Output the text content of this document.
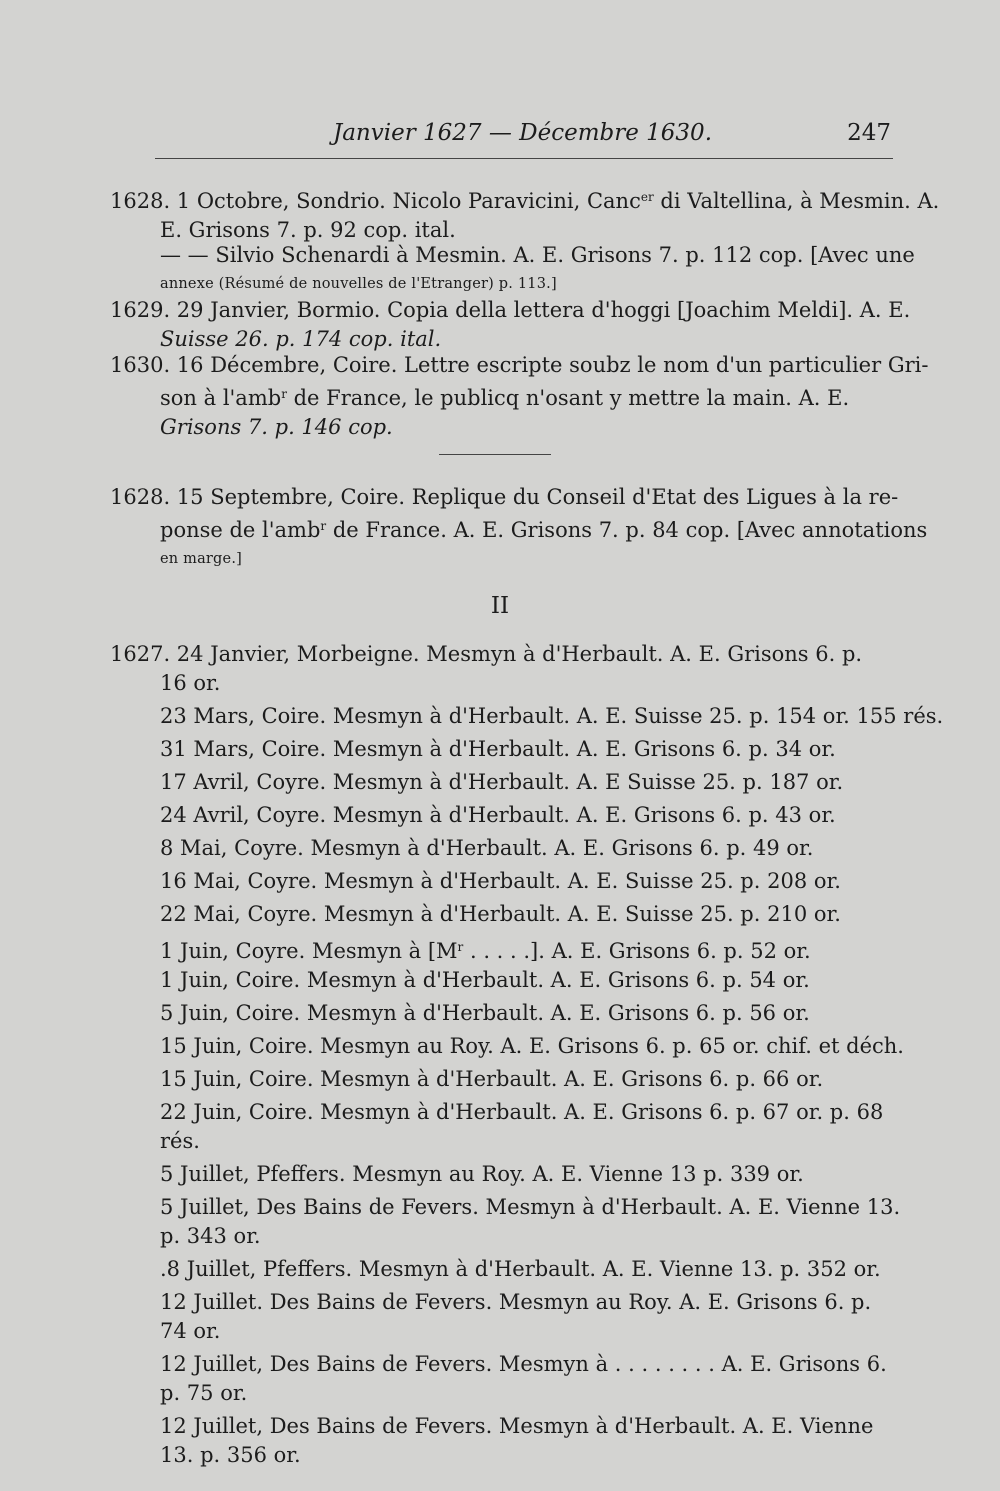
Janvier 1627 — Décembre 1630.	247
1628. 1 Octobre, Sondrio. Nicolo Paravicini, Canc$^{er}$ di Valtellina, à Mesmin. A.
E. Grisons 7. p. 92 cop. ital.
— — Silvio Schenardi à Mesmin. A. E. Grisons 7. p. 112 cop. [Avec une
annexe (Résumé de nouvelles de l'Etranger) p. 113.]
1629. 29 Janvier, Bormio. Copia della lettera d'hoggi [Joachim Meldi]. A. E.
Suisse 26. p. 174 cop. ital.
1630. 16 Décembre, Coire. Lettre escripte soubz le nom d'un particulier Gri-
son à l'amb$^r$ de France, le publicq n'osant y mettre la main. A. E.
Grisons 7. p. 146 cop.
1628. 15 Septembre, Coire. Replique du Conseil d'Etat des Ligues à la re-
ponse de l'amb$^r$ de France. A. E. Grisons 7. p. 84 cop. [Avec annotations
en marge.]
II
1627. 24 Janvier, Morbeigne. Mesmyn à d'Herbault. A. E. Grisons 6. p.
16 or.
23 Mars, Coire. Mesmyn à d'Herbault. A. E. Suisse 25. p. 154 or. 155 rés.
31 Mars, Coire. Mesmyn à d'Herbault. A. E. Grisons 6. p. 34 or.
17 Avril, Coyre. Mesmyn à d'Herbault. A. E Suisse 25. p. 187 or.
24 Avril, Coyre. Mesmyn à d'Herbault. A. E. Grisons 6. p. 43 or.
8 Mai, Coyre. Mesmyn à d'Herbault. A. E. Grisons 6. p. 49 or.
16 Mai, Coyre. Mesmyn à d'Herbault. A. E. Suisse 25. p. 208 or.
22 Mai, Coyre. Mesmyn à d'Herbault. A. E. Suisse 25. p. 210 or.
1 Juin, Coyre. Mesmyn à [$M^r$ . . . . .]. A. E. Grisons 6. p. 52 or.
1 Juin, Coire. Mesmyn à d'Herbault. A. E. Grisons 6. p. 54 or.
5 Juin, Coire. Mesmyn à d'Herbault. A. E. Grisons 6. p. 56 or.
15 Juin, Coire. Mesmyn au Roy. A. E. Grisons 6. p. 65 or. chif. et déch.
15 Juin, Coire. Mesmyn à d'Herbault. A. E. Grisons 6. p. 66 or.
22 Juin, Coire. Mesmyn à d'Herbault. A. E. Grisons 6. p. 67 or. p. 68
rés.
5 Juillet, Pfeffers. Mesmyn au Roy. A. E. Vienne 13 p. 339 or.
5 Juillet, Des Bains de Fevers. Mesmyn à d'Herbault. A. E. Vienne 13.
p. 343 or.
.8 Juillet, Pfeffers. Mesmyn à d'Herbault. A. E. Vienne 13. p. 352 or.
12 Juillet. Des Bains de Fevers. Mesmyn au Roy. A. E. Grisons 6. p.
74 or.
12 Juillet, Des Bains de Fevers. Mesmyn à . . . . . . . . A. E. Grisons 6.
p. 75 or.
12 Juillet, Des Bains de Fevers. Mesmyn à d'Herbault. A. E. Vienne
13. p. 356 or.
